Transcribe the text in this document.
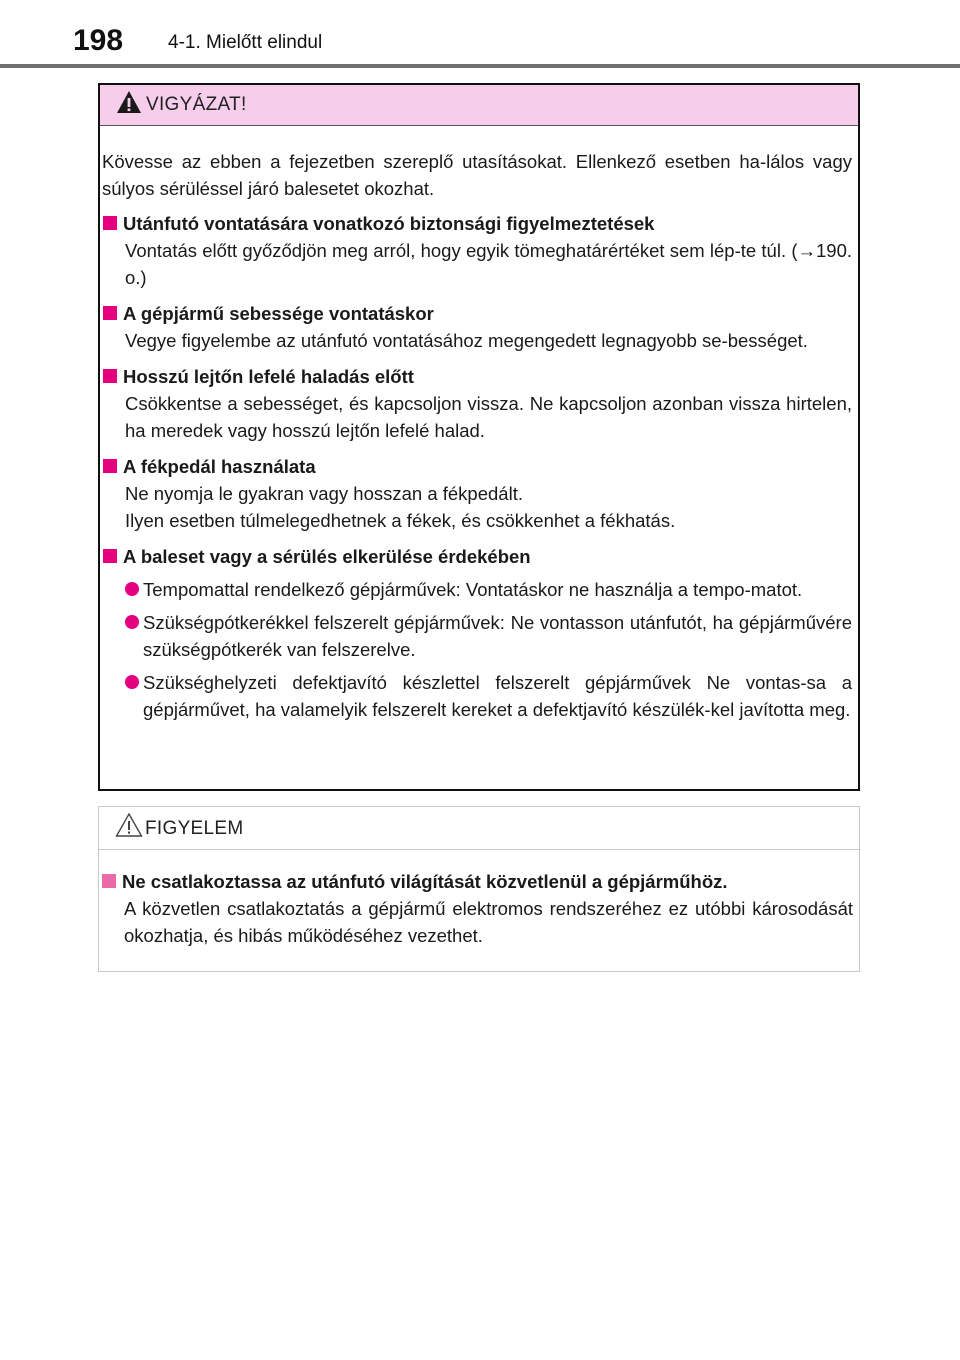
198 4-1. Mielőtt elindul
VIGYÁZAT!

Kövesse az ebben a fejezetben szereplő utasításokat. Ellenkező esetben ha-lálos vagy súlyos sérüléssel járó balesetet okozhat.

Utánfutó vontatására vonatkozó biztonsági figyelmeztetések
Vontatás előtt győződjön meg arról, hogy egyik tömeghatárértéket sem lép-te túl. (→190. o.)
A gépjármű sebessége vontatáskor
Vegye figyelembe az utánfutó vontatásához megengedett legnagyobb se-bességet.
Hosszú lejtőn lefelé haladás előtt
Csökkentse a sebességet, és kapcsoljon vissza. Ne kapcsoljon azonban vissza hirtelen, ha meredek vagy hosszú lejtőn lefelé halad.
A fékpedál használata
Ne nyomja le gyakran vagy hosszan a fékpedált.
Ilyen esetben túlmelegedhetnek a fékek, és csökkenhet a fékhatás.
A baleset vagy a sérülés elkerülése érdekében
Tempomattal rendelkező gépjárművek: Vontatáskor ne használja a tempo-matot.
Szükségpótkerékkel felszerelt gépjárművek: Ne vontasson utánfutót, ha gépjárművére szükségpótkerék van felszerelve.
Szükséghelyzeti defektjavító készlettel felszerelt gépjárművek Ne vontas-sa a gépjárművet, ha valamelyik felszerelt kereket a defektjavító készülék-kel javította meg.
FIGYELEM
Ne csatlakoztassa az utánfutó világítását közvetlenül a gépjárműhöz.
A közvetlen csatlakoztatás a gépjármű elektromos rendszeréhez ez utóbbi károsodását okozhatja, és hibás működéséhez vezethet.
